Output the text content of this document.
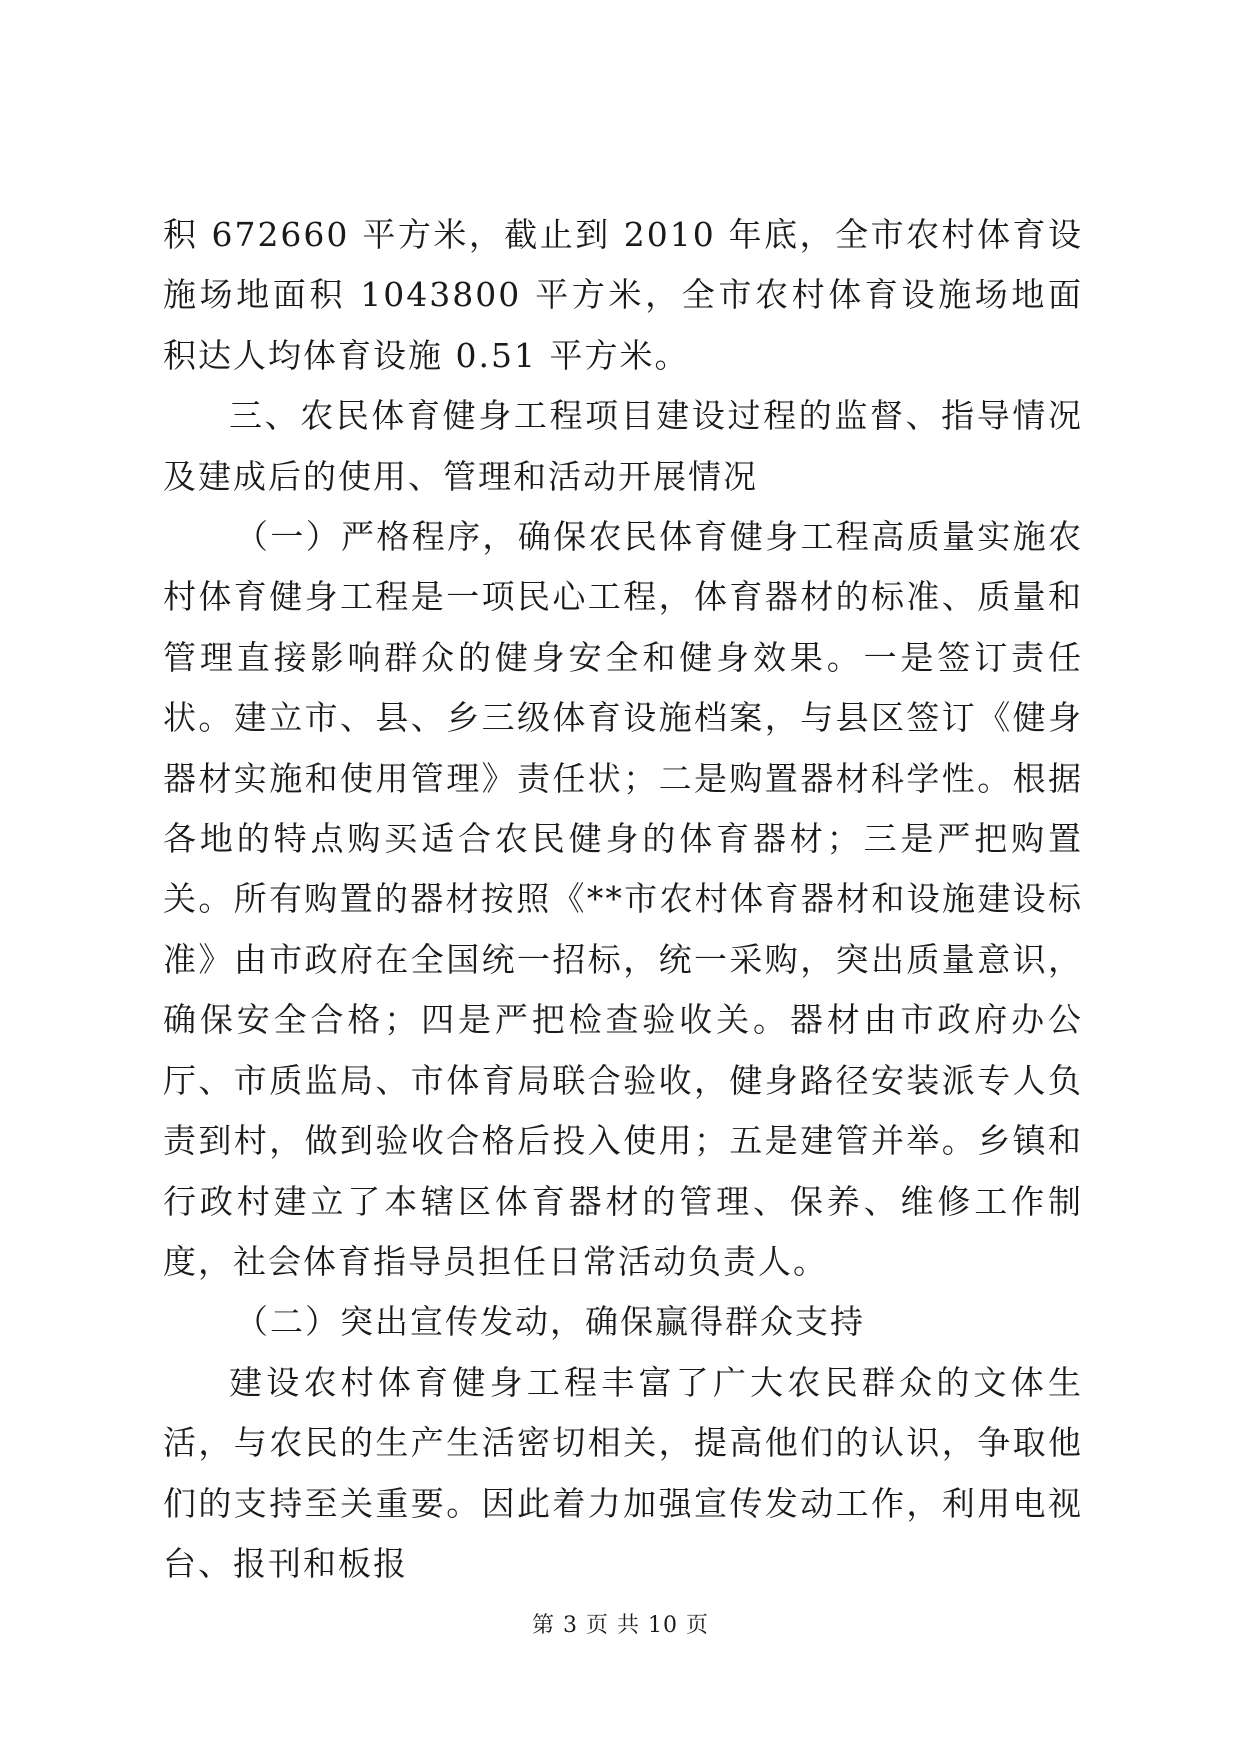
积 672660 平方米，截止到 2010 年底，全市农村体育设施场地面积 1043800 平方米，全市农村体育设施场地面积达人均体育设施 0.51 平方米。

三、农民体育健身工程项目建设过程的监督、指导情况及建成后的使用、管理和活动开展情况

（一）严格程序，确保农民体育健身工程高质量实施农村体育健身工程是一项民心工程，体育器材的标准、质量和管理直接影响群众的健身安全和健身效果。一是签订责任状。建立市、县、乡三级体育设施档案，与县区签订《健身器材实施和使用管理》责任状；二是购置器材科学性。根据各地的特点购买适合农民健身的体育器材；三是严把购置关。所有购置的器材按照《**市农村体育器材和设施建设标准》由市政府在全国统一招标，统一采购，突出质量意识，确保安全合格；四是严把检查验收关。器材由市政府办公厅、市质监局、市体育局联合验收，健身路径安装派专人负责到村，做到验收合格后投入使用；五是建管并举。乡镇和行政村建立了本辖区体育器材的管理、保养、维修工作制度，社会体育指导员担任日常活动负责人。

（二）突出宣传发动，确保赢得群众支持

建设农村体育健身工程丰富了广大农民群众的文体生活，与农民的生产生活密切相关，提高他们的认识，争取他们的支持至关重要。因此着力加强宣传发动工作，利用电视台、报刊和板报

第 3 页 共 10 页
